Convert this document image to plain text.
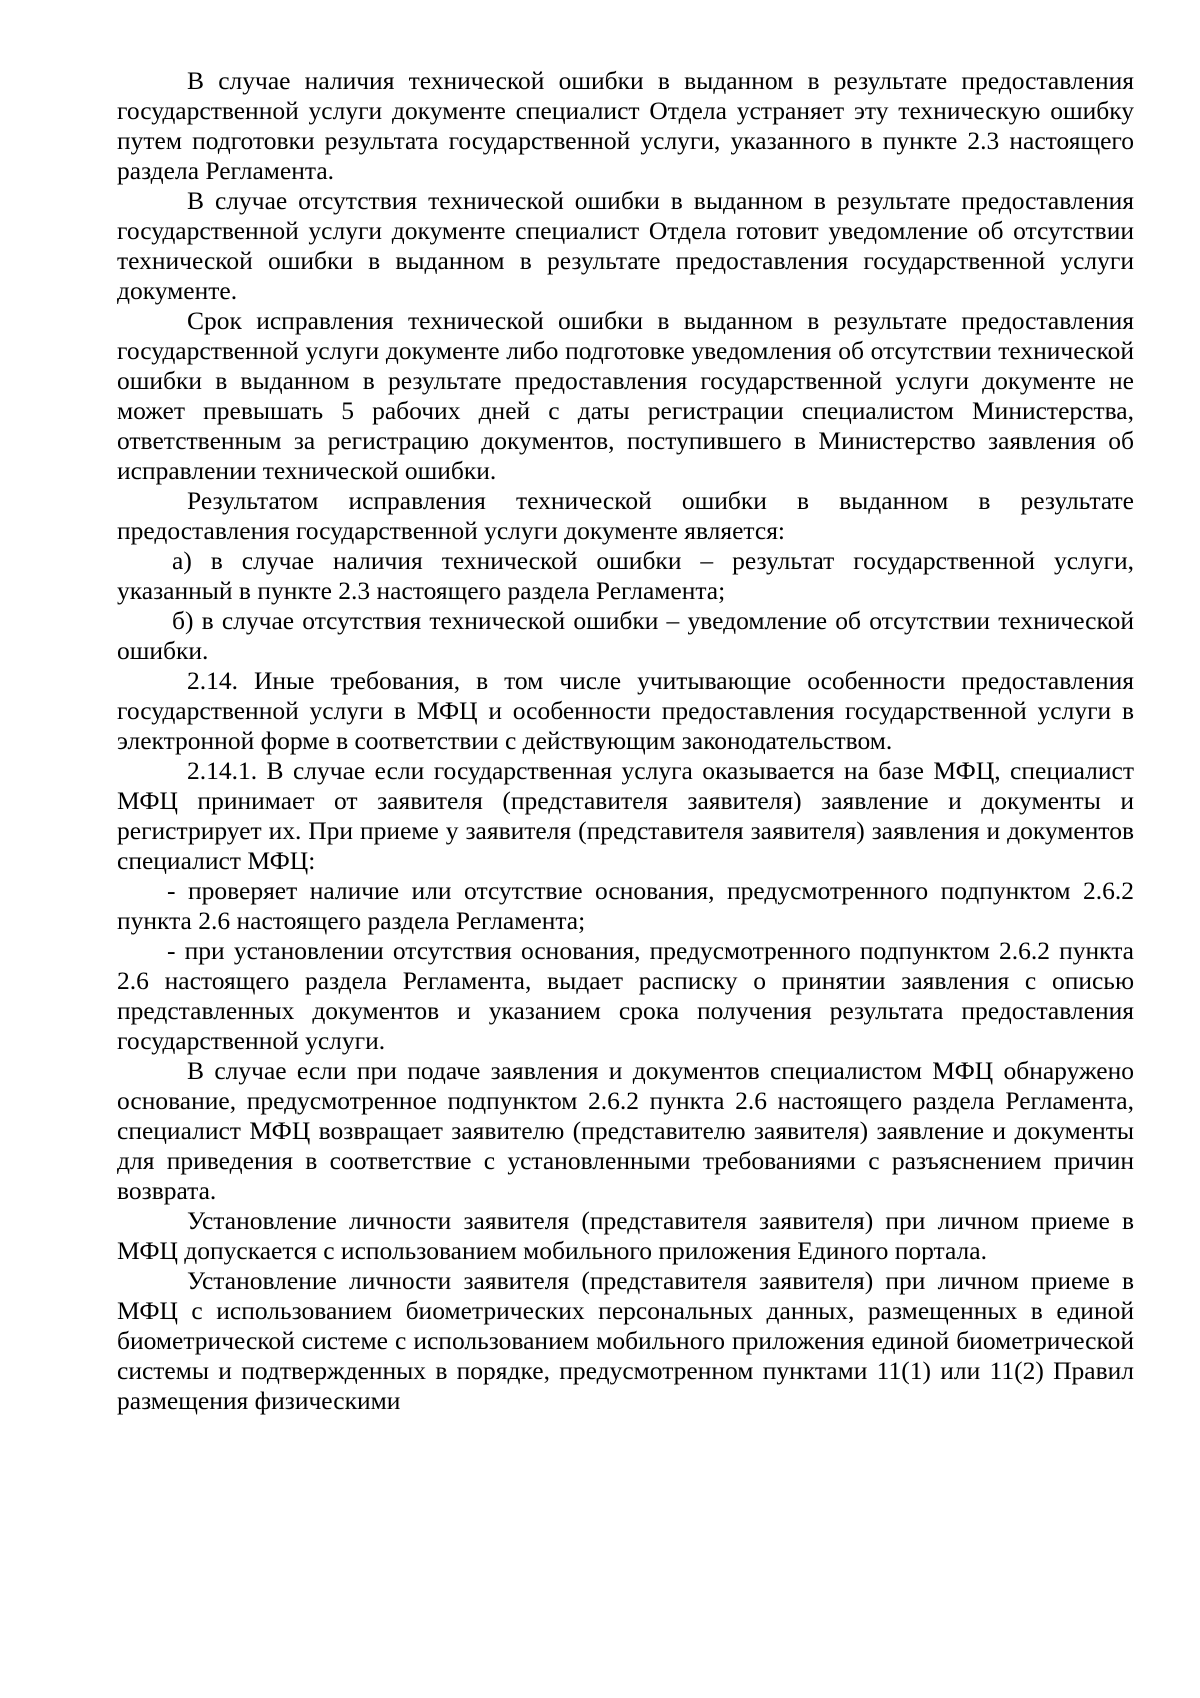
В случае наличия технической ошибки в выданном в результате предоставления государственной услуги документе специалист Отдела устраняет эту техническую ошибку путем подготовки результата государственной услуги, указанного в пункте 2.3 настоящего раздела Регламента.

В случае отсутствия технической ошибки в выданном в результате предоставления государственной услуги документе специалист Отдела готовит уведомление об отсутствии технической ошибки в выданном в результате предоставления государственной услуги документе.

Срок исправления технической ошибки в выданном в результате предоставления государственной услуги документе либо подготовке уведомления об отсутствии технической ошибки в выданном в результате предоставления государственной услуги документе не может превышать 5 рабочих дней с даты регистрации специалистом Министерства, ответственным за регистрацию документов, поступившего в Министерство заявления об исправлении технической ошибки.

Результатом исправления технической ошибки в выданном в результате предоставления государственной услуги документе является:

а) в случае наличия технической ошибки – результат государственной услуги, указанный в пункте 2.3 настоящего раздела Регламента;

б) в случае отсутствия технической ошибки – уведомление об отсутствии технической ошибки.

2.14. Иные требования, в том числе учитывающие особенности предоставления государственной услуги в МФЦ и особенности предоставления государственной услуги в электронной форме в соответствии с действующим законодательством.

2.14.1. В случае если государственная услуга оказывается на базе МФЦ, специалист МФЦ принимает от заявителя (представителя заявителя) заявление и документы и регистрирует их. При приеме у заявителя (представителя заявителя) заявления и документов специалист МФЦ:

- проверяет наличие или отсутствие основания, предусмотренного подпунктом 2.6.2 пункта 2.6 настоящего раздела Регламента;

- при установлении отсутствия основания, предусмотренного подпунктом 2.6.2 пункта 2.6 настоящего раздела Регламента, выдает расписку о принятии заявления с описью представленных документов и указанием срока получения результата предоставления государственной услуги.

В случае если при подаче заявления и документов специалистом МФЦ обнаружено основание, предусмотренное подпунктом 2.6.2 пункта 2.6 настоящего раздела Регламента, специалист МФЦ возвращает заявителю (представителю заявителя) заявление и документы для приведения в соответствие с установленными требованиями с разъяснением причин возврата.

Установление личности заявителя (представителя заявителя) при личном приеме в МФЦ допускается с использованием мобильного приложения Единого портала.

Установление личности заявителя (представителя заявителя) при личном приеме в МФЦ с использованием биометрических персональных данных, размещенных в единой биометрической системе с использованием мобильного приложения единой биометрической системы и подтвержденных в порядке, предусмотренном пунктами 11(1) или 11(2) Правил размещения физическими
